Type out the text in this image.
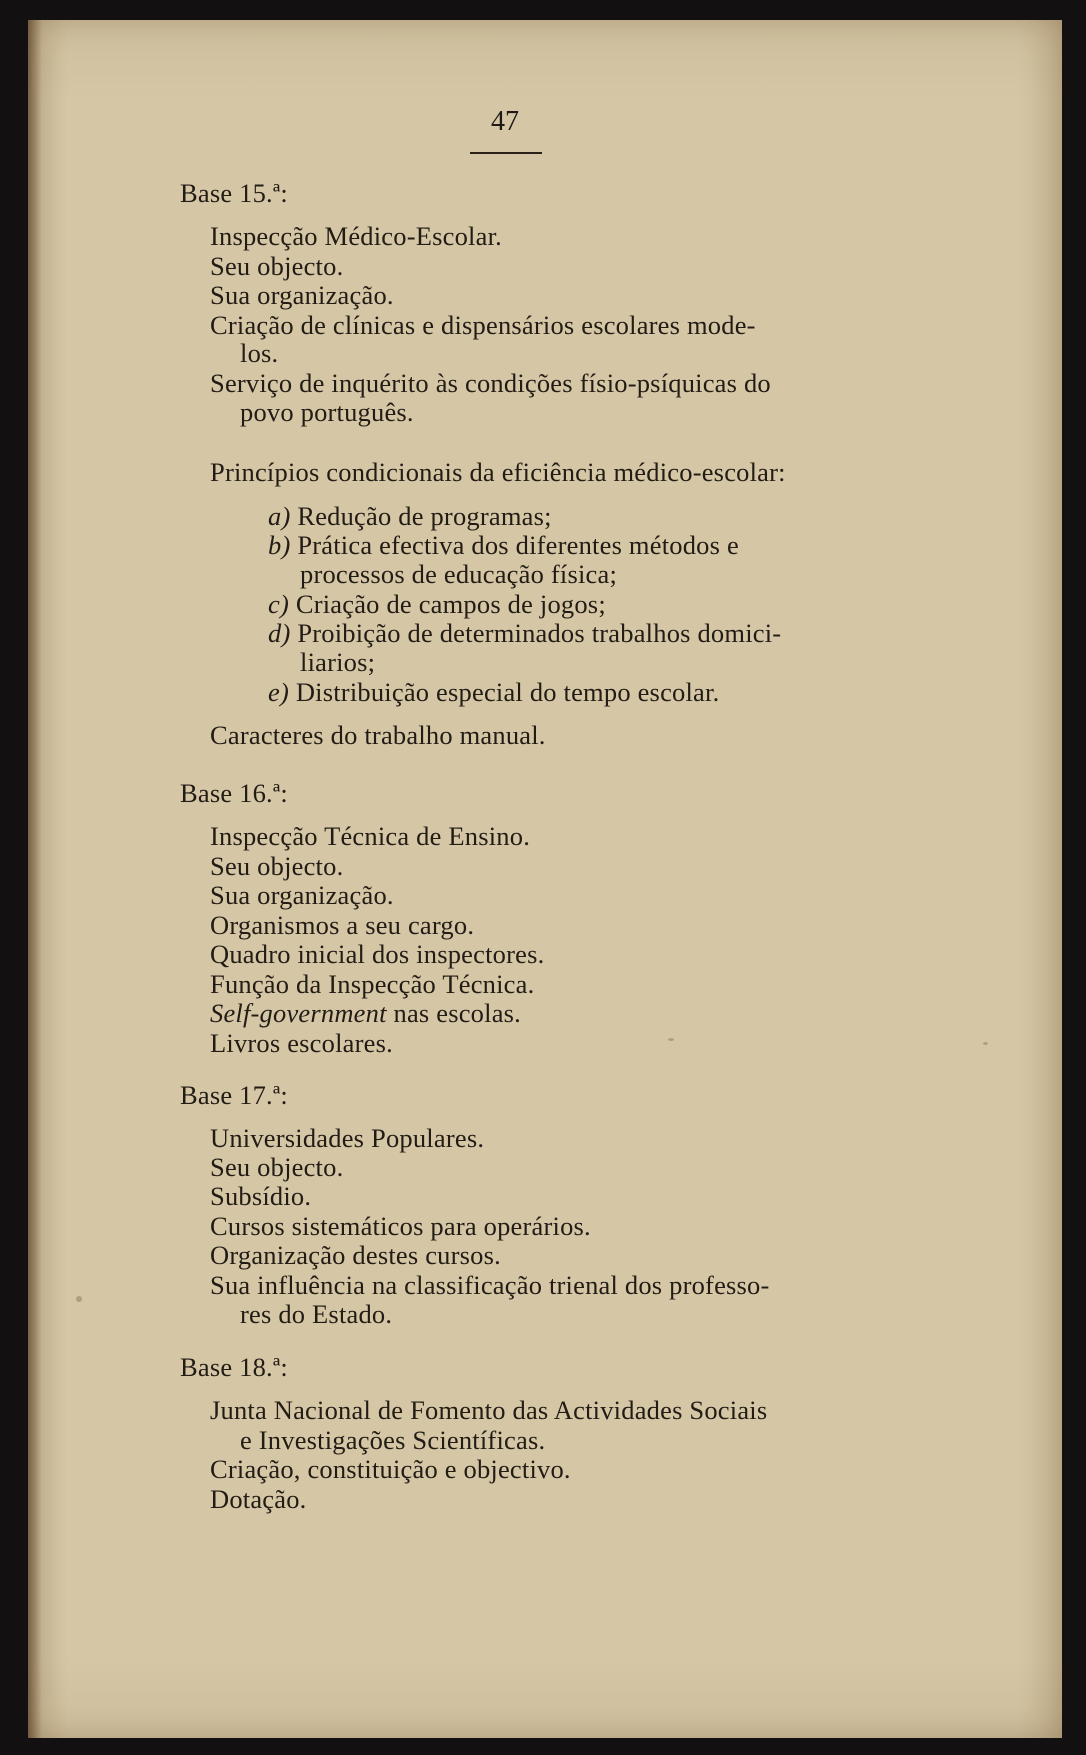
47
Base 15.ª:
Inspecção Médico-Escolar.
Seu objecto.
Sua organização.
Criação de clínicas e dispensários escolares mode-
los.
Serviço de inquérito às condições físio-psíquicas do
povo português.
Princípios condicionais da eficiência médico-escolar:
a) Redução de programas;
b) Prática efectiva dos diferentes métodos e
processos de educação física;
c) Criação de campos de jogos;
d) Proibição de determinados trabalhos domici-
liarios;
e) Distribuição especial do tempo escolar.
Caracteres do trabalho manual.
Base 16.ª:
Inspecção Técnica de Ensino.
Seu objecto.
Sua organização.
Organismos a seu cargo.
Quadro inicial dos inspectores.
Função da Inspecção Técnica.
Self-government nas escolas.
Livros escolares.
Base 17.ª:
Universidades Populares.
Seu objecto.
Subsídio.
Cursos sistemáticos para operários.
Organização destes cursos.
Sua influência na classificação trienal dos professo-
res do Estado.
Base 18.ª:
Junta Nacional de Fomento das Actividades Sociais
e Investigações Scientíficas.
Criação, constituição e objectivo.
Dotação.
